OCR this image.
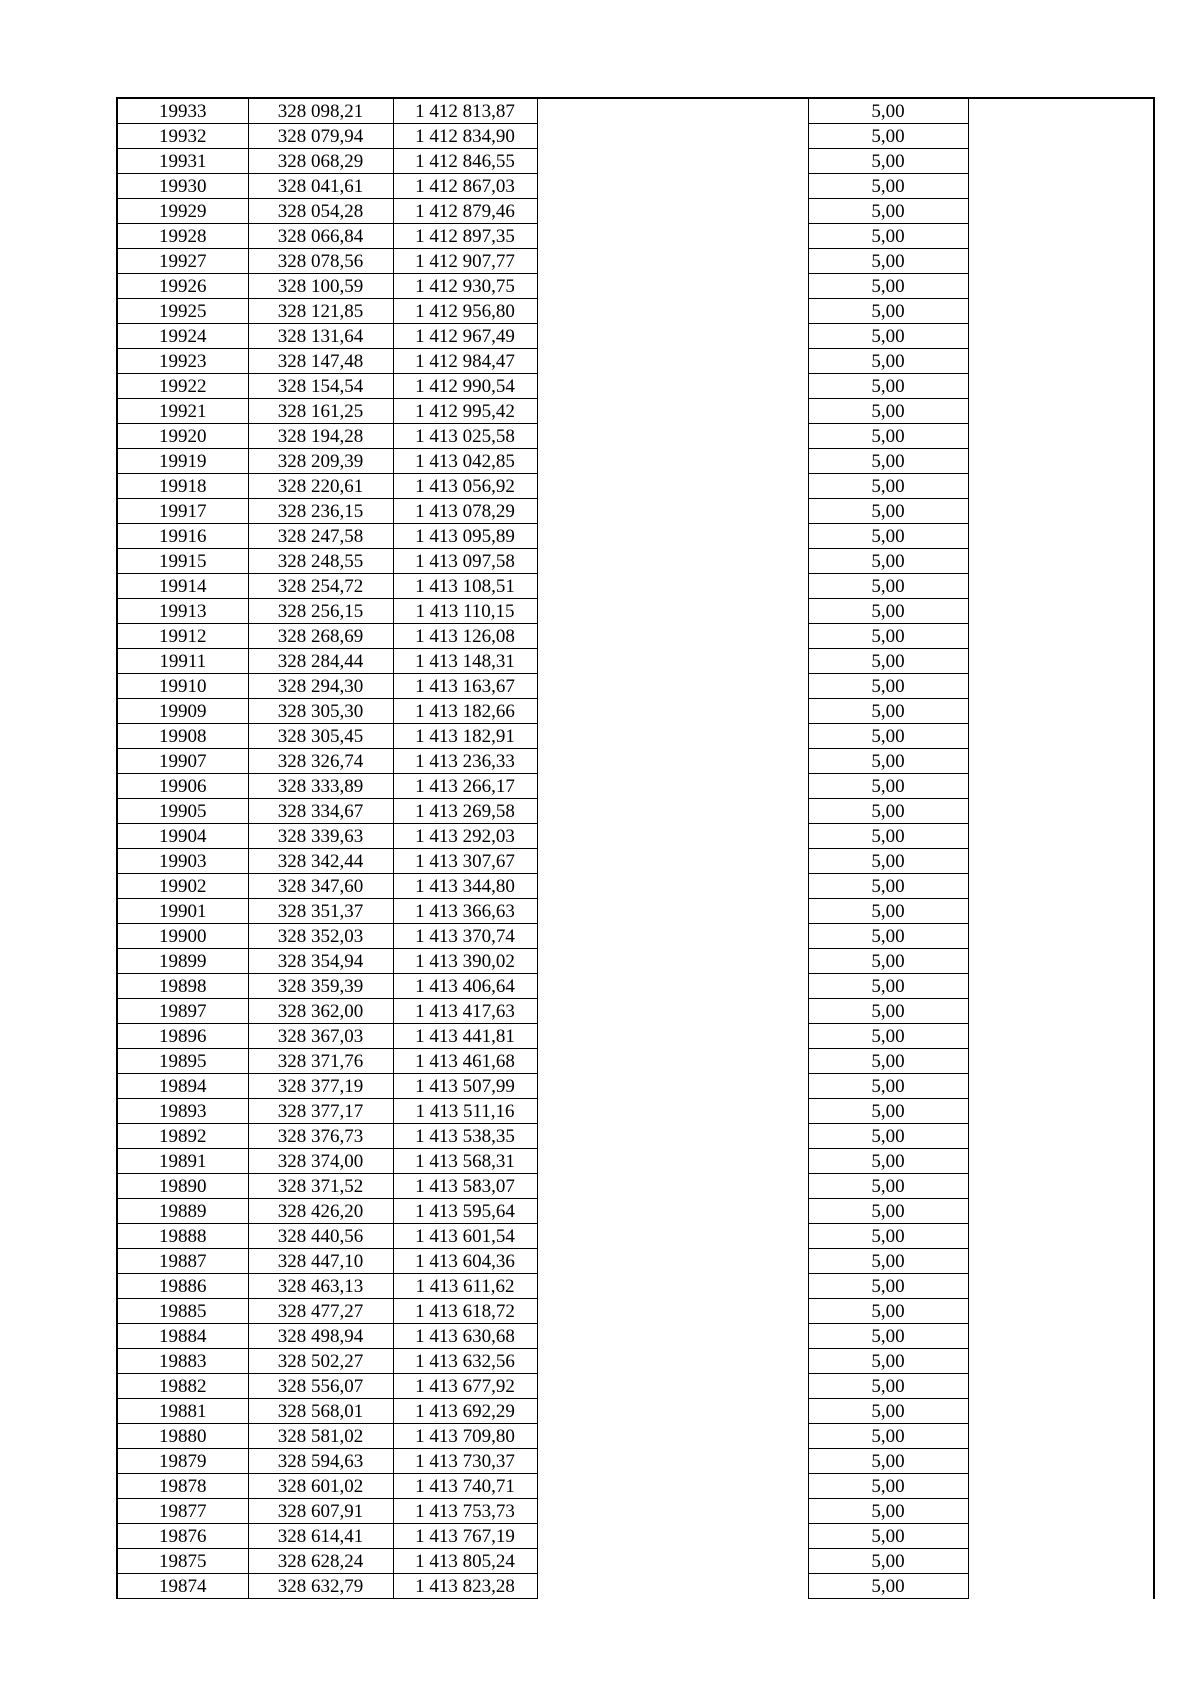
19933	328 098,21	1 412 813,87		5,00	
19932	328 079,94	1 412 834,90		5,00	
19931	328 068,29	1 412 846,55		5,00	
19930	328 041,61	1 412 867,03		5,00	
19929	328 054,28	1 412 879,46		5,00	
19928	328 066,84	1 412 897,35		5,00	
19927	328 078,56	1 412 907,77		5,00	
19926	328 100,59	1 412 930,75		5,00	
19925	328 121,85	1 412 956,80		5,00	
19924	328 131,64	1 412 967,49		5,00	
19923	328 147,48	1 412 984,47		5,00	
19922	328 154,54	1 412 990,54		5,00	
19921	328 161,25	1 412 995,42		5,00	
19920	328 194,28	1 413 025,58		5,00	
19919	328 209,39	1 413 042,85		5,00	
19918	328 220,61	1 413 056,92		5,00	
19917	328 236,15	1 413 078,29		5,00	
19916	328 247,58	1 413 095,89		5,00	
19915	328 248,55	1 413 097,58		5,00	
19914	328 254,72	1 413 108,51		5,00	
19913	328 256,15	1 413 110,15		5,00	
19912	328 268,69	1 413 126,08		5,00	
19911	328 284,44	1 413 148,31		5,00	
19910	328 294,30	1 413 163,67		5,00	
19909	328 305,30	1 413 182,66		5,00	
19908	328 305,45	1 413 182,91		5,00	
19907	328 326,74	1 413 236,33		5,00	
19906	328 333,89	1 413 266,17		5,00	
19905	328 334,67	1 413 269,58		5,00	
19904	328 339,63	1 413 292,03		5,00	
19903	328 342,44	1 413 307,67		5,00	
19902	328 347,60	1 413 344,80		5,00	
19901	328 351,37	1 413 366,63		5,00	
19900	328 352,03	1 413 370,74		5,00	
19899	328 354,94	1 413 390,02		5,00	
19898	328 359,39	1 413 406,64		5,00	
19897	328 362,00	1 413 417,63		5,00	
19896	328 367,03	1 413 441,81		5,00	
19895	328 371,76	1 413 461,68		5,00	
19894	328 377,19	1 413 507,99		5,00	
19893	328 377,17	1 413 511,16		5,00	
19892	328 376,73	1 413 538,35		5,00	
19891	328 374,00	1 413 568,31		5,00	
19890	328 371,52	1 413 583,07		5,00	
19889	328 426,20	1 413 595,64		5,00	
19888	328 440,56	1 413 601,54		5,00	
19887	328 447,10	1 413 604,36		5,00	
19886	328 463,13	1 413 611,62		5,00	
19885	328 477,27	1 413 618,72		5,00	
19884	328 498,94	1 413 630,68		5,00	
19883	328 502,27	1 413 632,56		5,00	
19882	328 556,07	1 413 677,92		5,00	
19881	328 568,01	1 413 692,29		5,00	
19880	328 581,02	1 413 709,80		5,00	
19879	328 594,63	1 413 730,37		5,00	
19878	328 601,02	1 413 740,71		5,00	
19877	328 607,91	1 413 753,73		5,00	
19876	328 614,41	1 413 767,19		5,00	
19875	328 628,24	1 413 805,24		5,00	
19874	328 632,79	1 413 823,28		5,00	
